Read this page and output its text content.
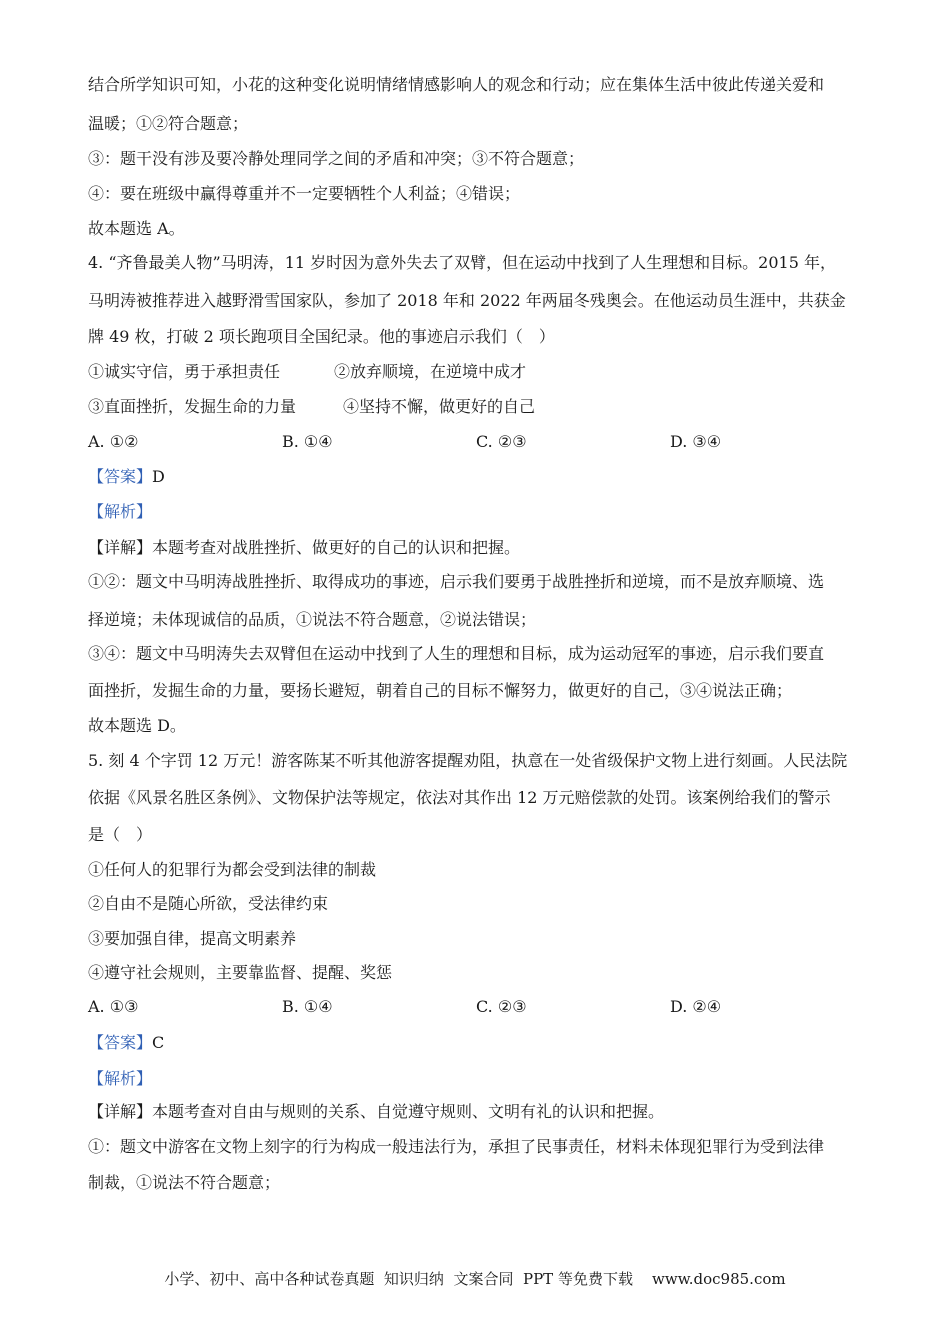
结合所学知识可知，小花的这种变化说明情绪情感影响人的观念和行动；应在集体生活中彼此传递关爱和
温暖；①②符合题意；
③：题干没有涉及要冷静处理同学之间的矛盾和冲突；③不符合题意；
④：要在班级中赢得尊重并不一定要牺牲个人利益；④错误；
故本题选 A。
4. “齐鲁最美人物”马明涛，11 岁时因为意外失去了双臂，但在运动中找到了人生理想和目标。2015 年，
马明涛被推荐进入越野滑雪国家队，参加了 2018 年和 2022 年两届冬残奥会。在他运动员生涯中，共获金
牌 49 枚，打破 2 项长跑项目全国纪录。他的事迹启示我们（　）
①诚实守信，勇于承担责任	②放弃顺境，在逆境中成才
③直面挫折，发掘生命的力量	④坚持不懈，做更好的自己
A. ①②	B. ①④	C. ②③	D. ③④
【答案】D
【解析】
【详解】本题考查对战胜挫折、做更好的自己的认识和把握。
①②：题文中马明涛战胜挫折、取得成功的事迹，启示我们要勇于战胜挫折和逆境，而不是放弃顺境、选
择逆境；未体现诚信的品质，①说法不符合题意，②说法错误；
③④：题文中马明涛失去双臂但在运动中找到了人生的理想和目标，成为运动冠军的事迹，启示我们要直
面挫折，发掘生命的力量，要扬长避短，朝着自己的目标不懈努力，做更好的自己，③④说法正确；
故本题选 D。
5. 刻 4 个字罚 12 万元！游客陈某不听其他游客提醒劝阻，执意在一处省级保护文物上进行刻画。人民法院
依据《风景名胜区条例》、文物保护法等规定，依法对其作出 12 万元赔偿款的处罚。该案例给我们的警示
是（　）
①任何人的犯罪行为都会受到法律的制裁
②自由不是随心所欲，受法律约束
③要加强自律，提高文明素养
④遵守社会规则，主要靠监督、提醒、奖惩
A. ①③	B. ①④	C. ②③	D. ②④
【答案】C
【解析】
【详解】本题考查对自由与规则的关系、自觉遵守规则、文明有礼的认识和把握。
①：题文中游客在文物上刻字的行为构成一般违法行为，承担了民事责任，材料未体现犯罪行为受到法律
制裁，①说法不符合题意；
小学、初中、高中各种试卷真题  知识归纳  文案合同  PPT 等免费下载    www.doc985.com
